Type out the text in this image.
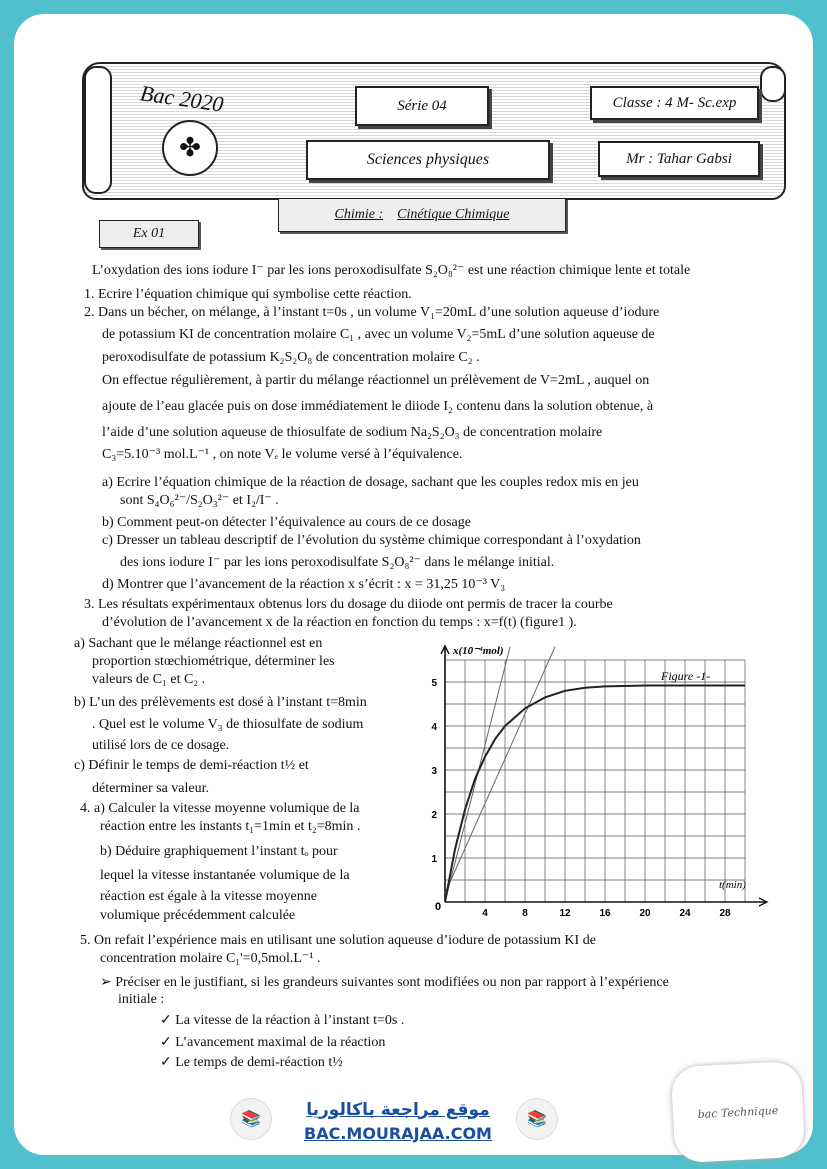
Bac 2020
✤
Série 04	Classe : 4 M- Sc.exp
Sciences physiques	Mr : Tahar Gabsi
Chimie : Cinétique Chimique
Ex 01
L’oxydation des ions iodure I⁻ par les ions peroxodisulfate S₂O₈²⁻ est une réaction chimique lente et totale
1. Ecrire l’équation chimique qui symbolise cette réaction.
2. Dans un bécher, on mélange, à l’instant t=0s , un volume V₁=20mL d’une solution aqueuse d’iodure
de potassium KI de concentration molaire C₁ , avec un volume V₂=5mL d’une solution aqueuse de
peroxodisulfate de potassium K₂S₂O₈ de concentration molaire C₂ .
On effectue régulièrement, à partir du mélange réactionnel un prélèvement de V=2mL , auquel on
ajoute de l’eau glacée puis on dose immédiatement le diiode I₂ contenu dans la solution obtenue, à
l’aide d’une solution aqueuse de thiosulfate de sodium Na₂S₂O₃ de concentration molaire
C₃=5.10⁻³ mol.L⁻¹ , on note Vₑ le volume versé à l’équivalence.
a) Ecrire l’équation chimique de la réaction de dosage, sachant que les couples redox mis en jeu
sont S₄O₆²⁻/S₂O₃²⁻ et I₂/I⁻ .
b) Comment peut-on détecter l’équivalence au cours de ce dosage
c) Dresser un tableau descriptif de l’évolution du système chimique correspondant à l’oxydation
des ions iodure I⁻ par les ions peroxodisulfate S₂O₈²⁻ dans le mélange initial.
d) Montrer que l’avancement de la réaction x s’écrit : x = 31,25 10⁻³ V₃
3. Les résultats expérimentaux obtenus lors du dosage du diiode ont permis de tracer la courbe
d’évolution de l’avancement x de la réaction en fonction du temps : x=f(t) (figure1 ).
a) Sachant que le mélange réactionnel est en
proportion stœchiométrique, déterminer les
valeurs de C₁ et C₂ .
b) L’un des prélèvements est dosé à l’instant t=8min
. Quel est le volume V₃ de thiosulfate de sodium
utilisé lors de ce dosage.
c) Définir le temps de demi-réaction t½ et
déterminer sa valeur.
4. a) Calculer la vitesse moyenne volumique de la
réaction entre les instants t₁=1min et t₂=8min .
b) Déduire graphiquement l’instant tₒ pour
lequel la vitesse instantanée volumique de la
réaction est égale à la vitesse moyenne
volumique précédemment calculée
5. On refait l’expérience mais en utilisant une solution aqueuse d’iodure de potassium KI de
concentration molaire C₁'=0,5mol.L⁻¹ .
➢ Préciser en le justifiant, si les grandeurs suivantes sont modifiées ou non par rapport à l’expérience
initiale :
✓ La vitesse de la réaction à l’instant t=0s .
✓ L’avancement maximal de la réaction
✓ Le temps de demi-réaction t½
4	8	12	16	20	24	28
1
2
3
4
5
x(10⁻⁴mol)
t(min)
Figure -1-
0
📚	📚
موقع مراجعة باكالوريا
BAC.MOURAJAA.COM
bac Technique
